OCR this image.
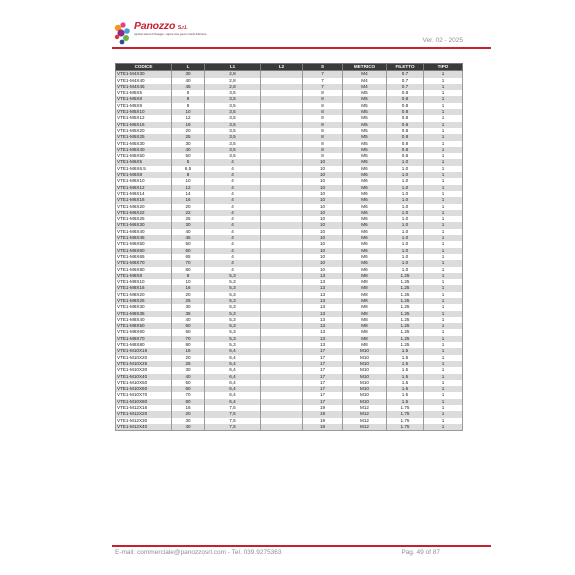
Panozzo S.r.l.
ogniweb sistemi di fissaggio - ragione viste guerre ricambi bulloneria
Ver. 02 - 2025
CODICE	L	L1	L2	S	METRICO	FILETTO	TIPO
VTE1-M4X30	30	2,8		7	M4	0.7	1
VTE1-M4X40	40	2,8		7	M4	0.7	1
VTE1-M4X45	45	2,8		7	M4	0.7	1
VTE1-M5X5	5	3,5		8	M5	0.8	1
VTE1-M5X8	8	3,5		8	M5	0.8	1
VTE1-M5X8	8	3,5		8	M5	0.8	1
VTE1-M5X10	10	3,5		8	M5	0.8	1
VTE1-M5X12	12	3,5		8	M5	0.8	1
VTE1-M5X16	16	3,5		8	M5	0.8	1
VTE1-M5X20	20	3,5		8	M5	0.8	1
VTE1-M5X25	25	3,5		8	M5	0.8	1
VTE1-M5X30	30	3,5		8	M5	0.8	1
VTE1-M5X40	40	3,5		8	M5	0.8	1
VTE1-M5X50	50	3,5		8	M5	0.8	1
VTE1-M6X5	5	4		10	M6	1.0	1
VTE1-M6X6.5	6,5	4		10	M6	1.0	1
VTE1-M6X8	8	4		10	M6	1.0	1
VTE1-M6X10	10	4		10	M6	1.0	1
VTE1-M6X12	12	4		10	M6	1.0	1
VTE1-M6X14	14	4		10	M6	1.0	1
VTE1-M6X16	16	4		10	M6	1.0	1
VTE1-M6X20	20	4		10	M6	1.0	1
VTE1-M6X22	22	4		10	M6	1.0	1
VTE1-M6X25	25	4		10	M6	1.0	1
VTE1-M6X30	30	4		10	M6	1.0	1
VTE1-M6X40	40	4		10	M6	1.0	1
VTE1-M6X45	45	4		10	M6	1.0	1
VTE1-M6X50	50	4		10	M6	1.0	1
VTE1-M6X60	60	4		10	M6	1.0	1
VTE1-M6X65	65	4		10	M6	1.0	1
VTE1-M6X70	70	4		10	M6	1.0	1
VTE1-M6X80	80	4		10	M6	1.0	1
VTE1-M8X8	8	5,3		13	M8	1.25	1
VTE1-M8X10	10	5,3		13	M8	1.25	1
VTE1-M8X16	16	5,3		13	M8	1.25	1
VTE1-M8X20	20	5,3		13	M8	1.25	1
VTE1-M8X25	25	5,3		13	M8	1.25	1
VTE1-M8X30	30	5,3		13	M8	1.25	1
VTE1-M8X35	35	5,3		13	M8	1.25	1
VTE1-M8X40	40	5,3		13	M8	1.25	1
VTE1-M8X50	50	5,3		13	M8	1.25	1
VTE1-M8X60	60	5,3		13	M8	1.25	1
VTE1-M8X70	70	5,3		13	M8	1.25	1
VTE1-M8X80	80	5,3		13	M8	1.25	1
VTE1-M10X16	16	6,4		17	M10	1.5	1
VTE1-M10X20	20	6,4		17	M10	1.5	1
VTE1-M10X25	25	6,4		17	M10	1.5	1
VTE1-M10X30	30	6,4		17	M10	1.5	1
VTE1-M10X40	40	6,4		17	M10	1.5	1
VTE1-M10X50	50	6,4		17	M10	1.5	1
VTE1-M10X60	60	6,4		17	M10	1.5	1
VTE1-M10X70	70	6,4		17	M10	1.5	1
VTE1-M10X80	80	6,4		17	M10	1.5	1
VTE1-M12X16	16	7,5		19	M12	1.75	1
VTE1-M12X20	20	7,5		19	M12	1.75	1
VTE1-M12X30	30	7,5		19	M12	1.75	1
VTE1-M12X40	40	7,5		19	M12	1.75	1
E-mail: commerciale@panozzosrl.com - Tel. 039.9275363	Pag. 49 of 87
